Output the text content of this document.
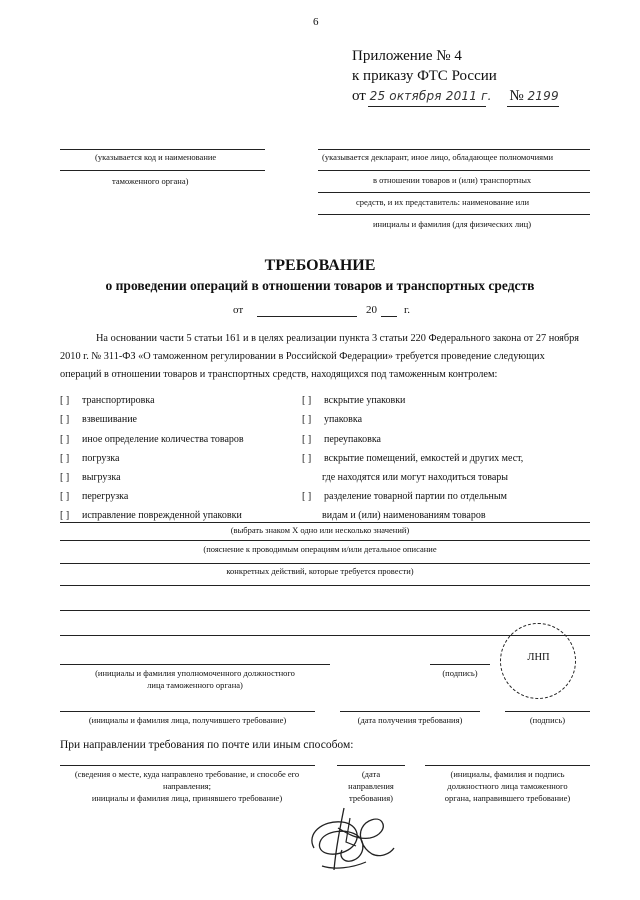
6
Приложение № 4
к приказу ФТС России
от 25 октября 2011 г. № 2199
(указывается код и наименование
таможенного органа)
(указывается декларант, иное лицо, обладающее полномочиями
в отношении товаров и (или) транспортных
средств, и их представитель: наименование или
инициалы и фамилия (для физических лиц)
ТРЕБОВАНИЕ
о проведении операций в отношении товаров и транспортных средств
от	20 г.
На основании части 5 статьи 161 и в целях реализации пункта 3 статьи 220 Федерального закона от 27 ноября
2010 г. № 311-ФЗ «О таможенном регулировании в Российской Федерации» требуется проведение следующих
операций в отношении товаров и транспортных средств, находящихся под таможенным контролем:
[ ] транспортировка
[ ] взвешивание
[ ] иное определение количества товаров
[ ] погрузка
[ ] выгрузка
[ ] перегрузка
[ ] исправление поврежденной упаковки
[ ] вскрытие упаковки
[ ] упаковка
[ ] переупаковка
[ ] вскрытие помещений, емкостей и других мест,
где находятся или могут находиться товары
[ ] разделение товарной партии по отдельным
видам и (или) наименованиям товаров
(выбрать знаком X одно или несколько значений)
(пояснение к проводимым операциям и/или детальное описание
конкретных действий, которые требуется провести)
(инициалы и фамилия уполномоченного должностного
лица таможенного органа)
(подпись)
ЛНП
(инициалы и фамилия лица, получившего требование)	(дата получения требования)	(подпись)
При направлении требования по почте или иным способом:
(сведения о месте, куда направлено требование, и способе его
направления;
инициалы и фамилия лица, принявшего требование)
(дата
направления
требования)
(инициалы, фамилия и подпись
должностного лица таможенного
органа, направившего требование)
